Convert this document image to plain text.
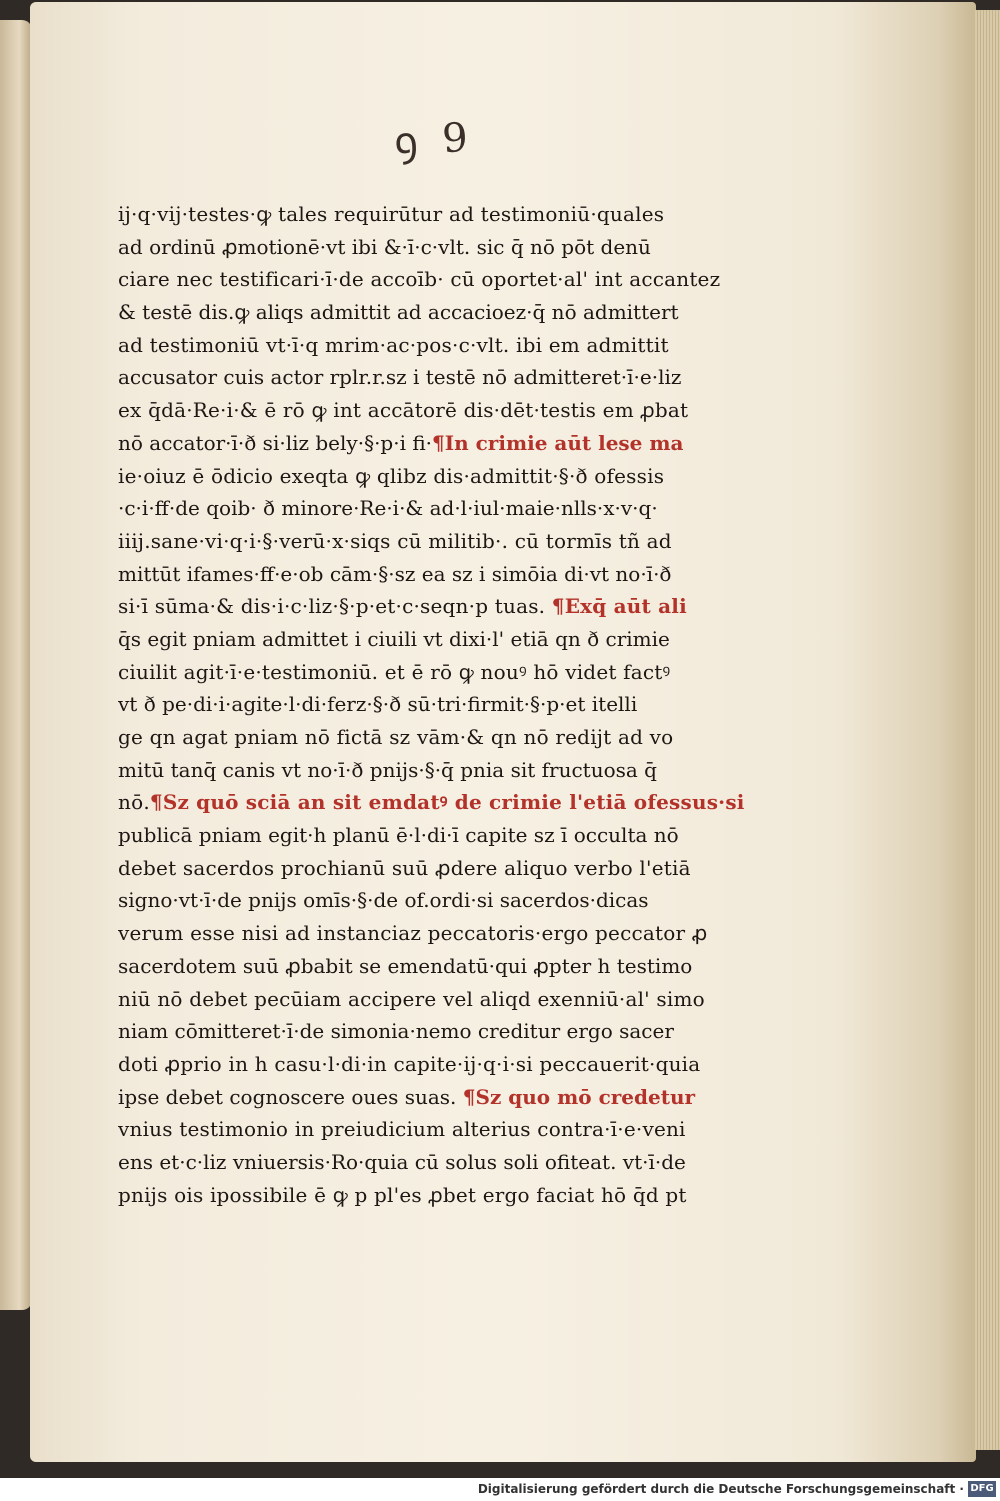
ꝯ 9
ij·q·vij·testes·ꝙ tales requirūtur ad testimoniū·quales
ad ordinū ꝓmotionē·vt ibi &·ī·c·vlt. sic q̄ nō pōt denū
ciare nec testificari·ī·de accoīb· cū oportet·al' int accantez
& testē dis.ꝙ aliqs admittit ad accacioez·q̄ nō admittert
ad testimoniū vt·ī·q mrim·ac·pos·c·vlt. ibi em admittit
accusator cuis actor rplr.r.sz i testē nō admitteret·ī·e·liz
ex q̄dā·Re·i·& ē rō ꝙ int accātorē dis·dēt·testis em ꝓbat
nō accator·ī·ð si·liz bely·§·p·i fi·¶In crimie aūt lese ma
ie·oiuz ē ōdicio exeqta ꝙ qlibz dis·admittit·§·ð ofessis
·c·i·ff·de qoib· ð minore·Re·i·& ad·l·iul·maie·nlls·x·v·q·
iiij.sane·vi·q·i·§·verū·x·siqs cū militib·. cū tormīs tñ ad
mittūt ifames·ff·e·ob cām·§·sz ea sz i simōia di·vt no·ī·ð
si·ī sūma·& dis·i·c·liz·§·p·et·c·seqn·p tuas. ¶Exq̄ aūt ali
q̄s egit pniam admittet i ciuili vt dixi·l' etiā qn ð crimie
ciuilit agit·ī·e·testimoniū. et ē rō ꝙ nouꝰ hō videt factꝰ
vt ð pe·di·i·agite·l·di·ferz·§·ð sū·tri·firmit·§·p·et itelli
ge qn agat pniam nō fictā sz vām·& qn nō redijt ad vo
mitū tanq̄ canis vt no·ī·ð pnijs·§·q̄ pnia sit fructuosa q̄
nō.¶Sz quō sciā an sit emdatꝰ de crimie l'etiā ofessus·si
publicā pniam egit·h planū ē·l·di·ī capite sz ī occulta nō
debet sacerdos prochianū suū ꝓdere aliquo verbo l'etiā
signo·vt·ī·de pnijs omīs·§·de of.ordi·si sacerdos·dicas
verum esse nisi ad instanciaz peccatoris·ergo peccator ꝓ
sacerdotem suū ꝓbabit se emendatū·qui ꝓpter h testimo
niū nō debet pecūiam accipere vel aliqd exenniū·al' simo
niam cōmitteret·ī·de simonia·nemo creditur ergo sacer
doti ꝓprio in h casu·l·di·in capite·ij·q·i·si peccauerit·quia
ipse debet cognoscere oues suas. ¶Sz quo mō credetur
vnius testimonio in preiudicium alterius contra·ī·e·veni
ens et·c·liz vniuersis·Ro·quia cū solus soli ofiteat. vt·ī·de
pnijs ois ipossibile ē ꝙ p pl'es ꝓbet ergo faciat hō q̄d pt
Digitalisierung gefördert durch die Deutsche Forschungsgemeinschaft · DFG
